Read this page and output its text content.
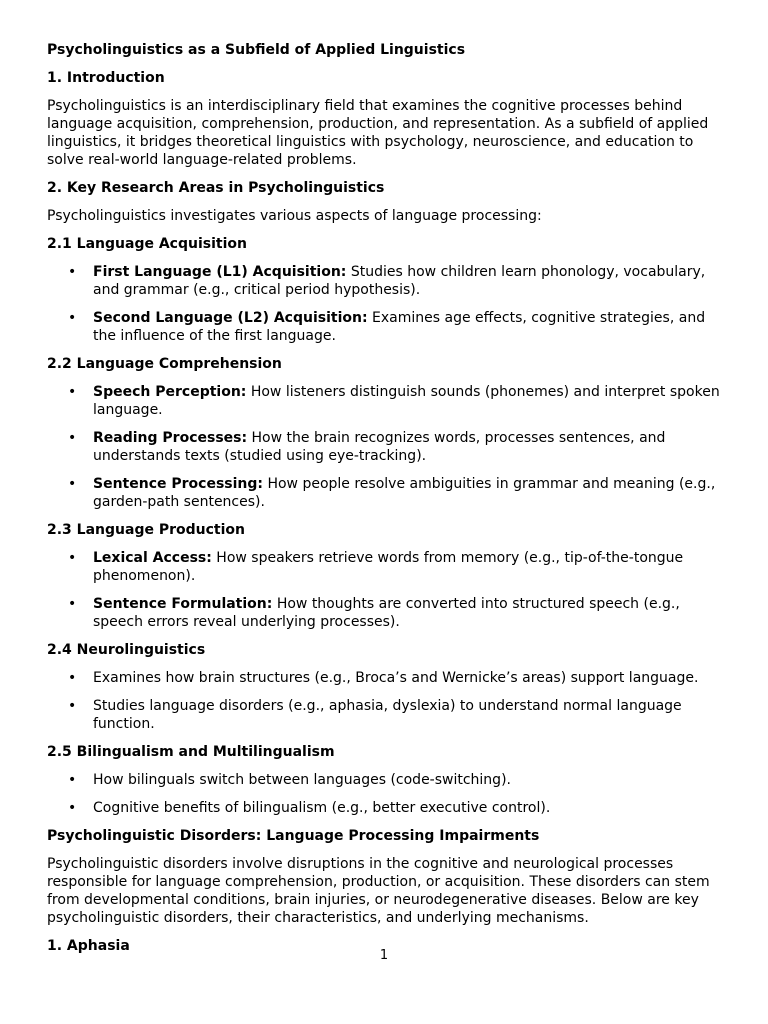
Psycholinguistics as a Subfield of Applied Linguistics
1. Introduction

Psycholinguistics is an interdisciplinary field that examines the cognitive processes behind language acquisition, comprehension, production, and representation. As a subfield of applied linguistics, it bridges theoretical linguistics with psychology, neuroscience, and education to solve real-world language-related problems.

2. Key Research Areas in Psycholinguistics

Psycholinguistics investigates various aspects of language processing:

2.1 Language Acquisition
• First Language (L1) Acquisition: Studies how children learn phonology, vocabulary, and grammar (e.g., critical period hypothesis).
• Second Language (L2) Acquisition: Examines age effects, cognitive strategies, and the influence of the first language.
2.2 Language Comprehension
• Speech Perception: How listeners distinguish sounds (phonemes) and interpret spoken language.
• Reading Processes: How the brain recognizes words, processes sentences, and understands texts (studied using eye-tracking).
• Sentence Processing: How people resolve ambiguities in grammar and meaning (e.g., garden-path sentences).
2.3 Language Production
• Lexical Access: How speakers retrieve words from memory (e.g., tip-of-the-tongue phenomenon).
• Sentence Formulation: How thoughts are converted into structured speech (e.g., speech errors reveal underlying processes).
2.4 Neurolinguistics
• Examines how brain structures (e.g., Broca’s and Wernicke’s areas) support language.
• Studies language disorders (e.g., aphasia, dyslexia) to understand normal language function.
2.5 Bilingualism and Multilingualism
• How bilinguals switch between languages (code-switching).
• Cognitive benefits of bilingualism (e.g., better executive control).
Psycholinguistic Disorders: Language Processing Impairments

Psycholinguistic disorders involve disruptions in the cognitive and neurological processes responsible for language comprehension, production, or acquisition. These disorders can stem from developmental conditions, brain injuries, or neurodegenerative diseases. Below are key psycholinguistic disorders, their characteristics, and underlying mechanisms.

1. Aphasia
1
